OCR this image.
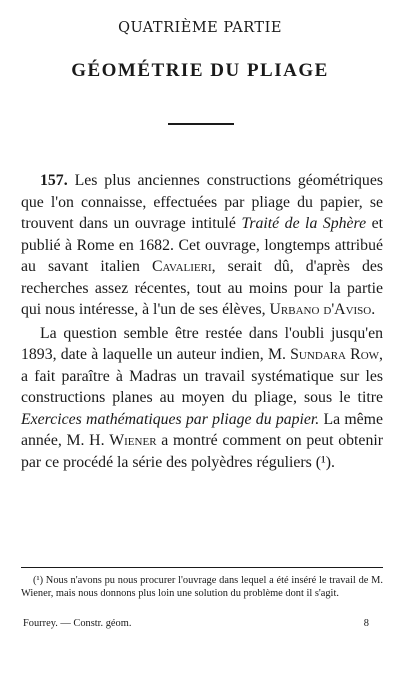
QUATRIÈME PARTIE
GÉOMÉTRIE DU PLIAGE

157. Les plus anciennes constructions géométriques que l'on connaisse, effectuées par pliage du papier, se trouvent dans un ouvrage intitulé Traité de la Sphère et publié à Rome en 1682. Cet ouvrage, longtemps attribué au savant italien Cavalieri, serait dû, d'après des recherches assez récentes, tout au moins pour la partie qui nous intéresse, à l'un de ses élèves, Urbano d'Aviso.

La question semble être restée dans l'oubli jusqu'en 1893, date à laquelle un auteur indien, M. Sundara Row, a fait paraître à Madras un travail systématique sur les constructions planes au moyen du pliage, sous le titre Exercices mathématiques par pliage du papier. La même année, M. H. Wiener a montré comment on peut obtenir par ce procédé la série des polyèdres réguliers (¹).

(¹) Nous n'avons pu nous procurer l'ouvrage dans lequel a été inséré le travail de M. Wiener, mais nous donnons plus loin une solution du problème dont il s'agit.
Fourrey. — Constr. géom.	8
